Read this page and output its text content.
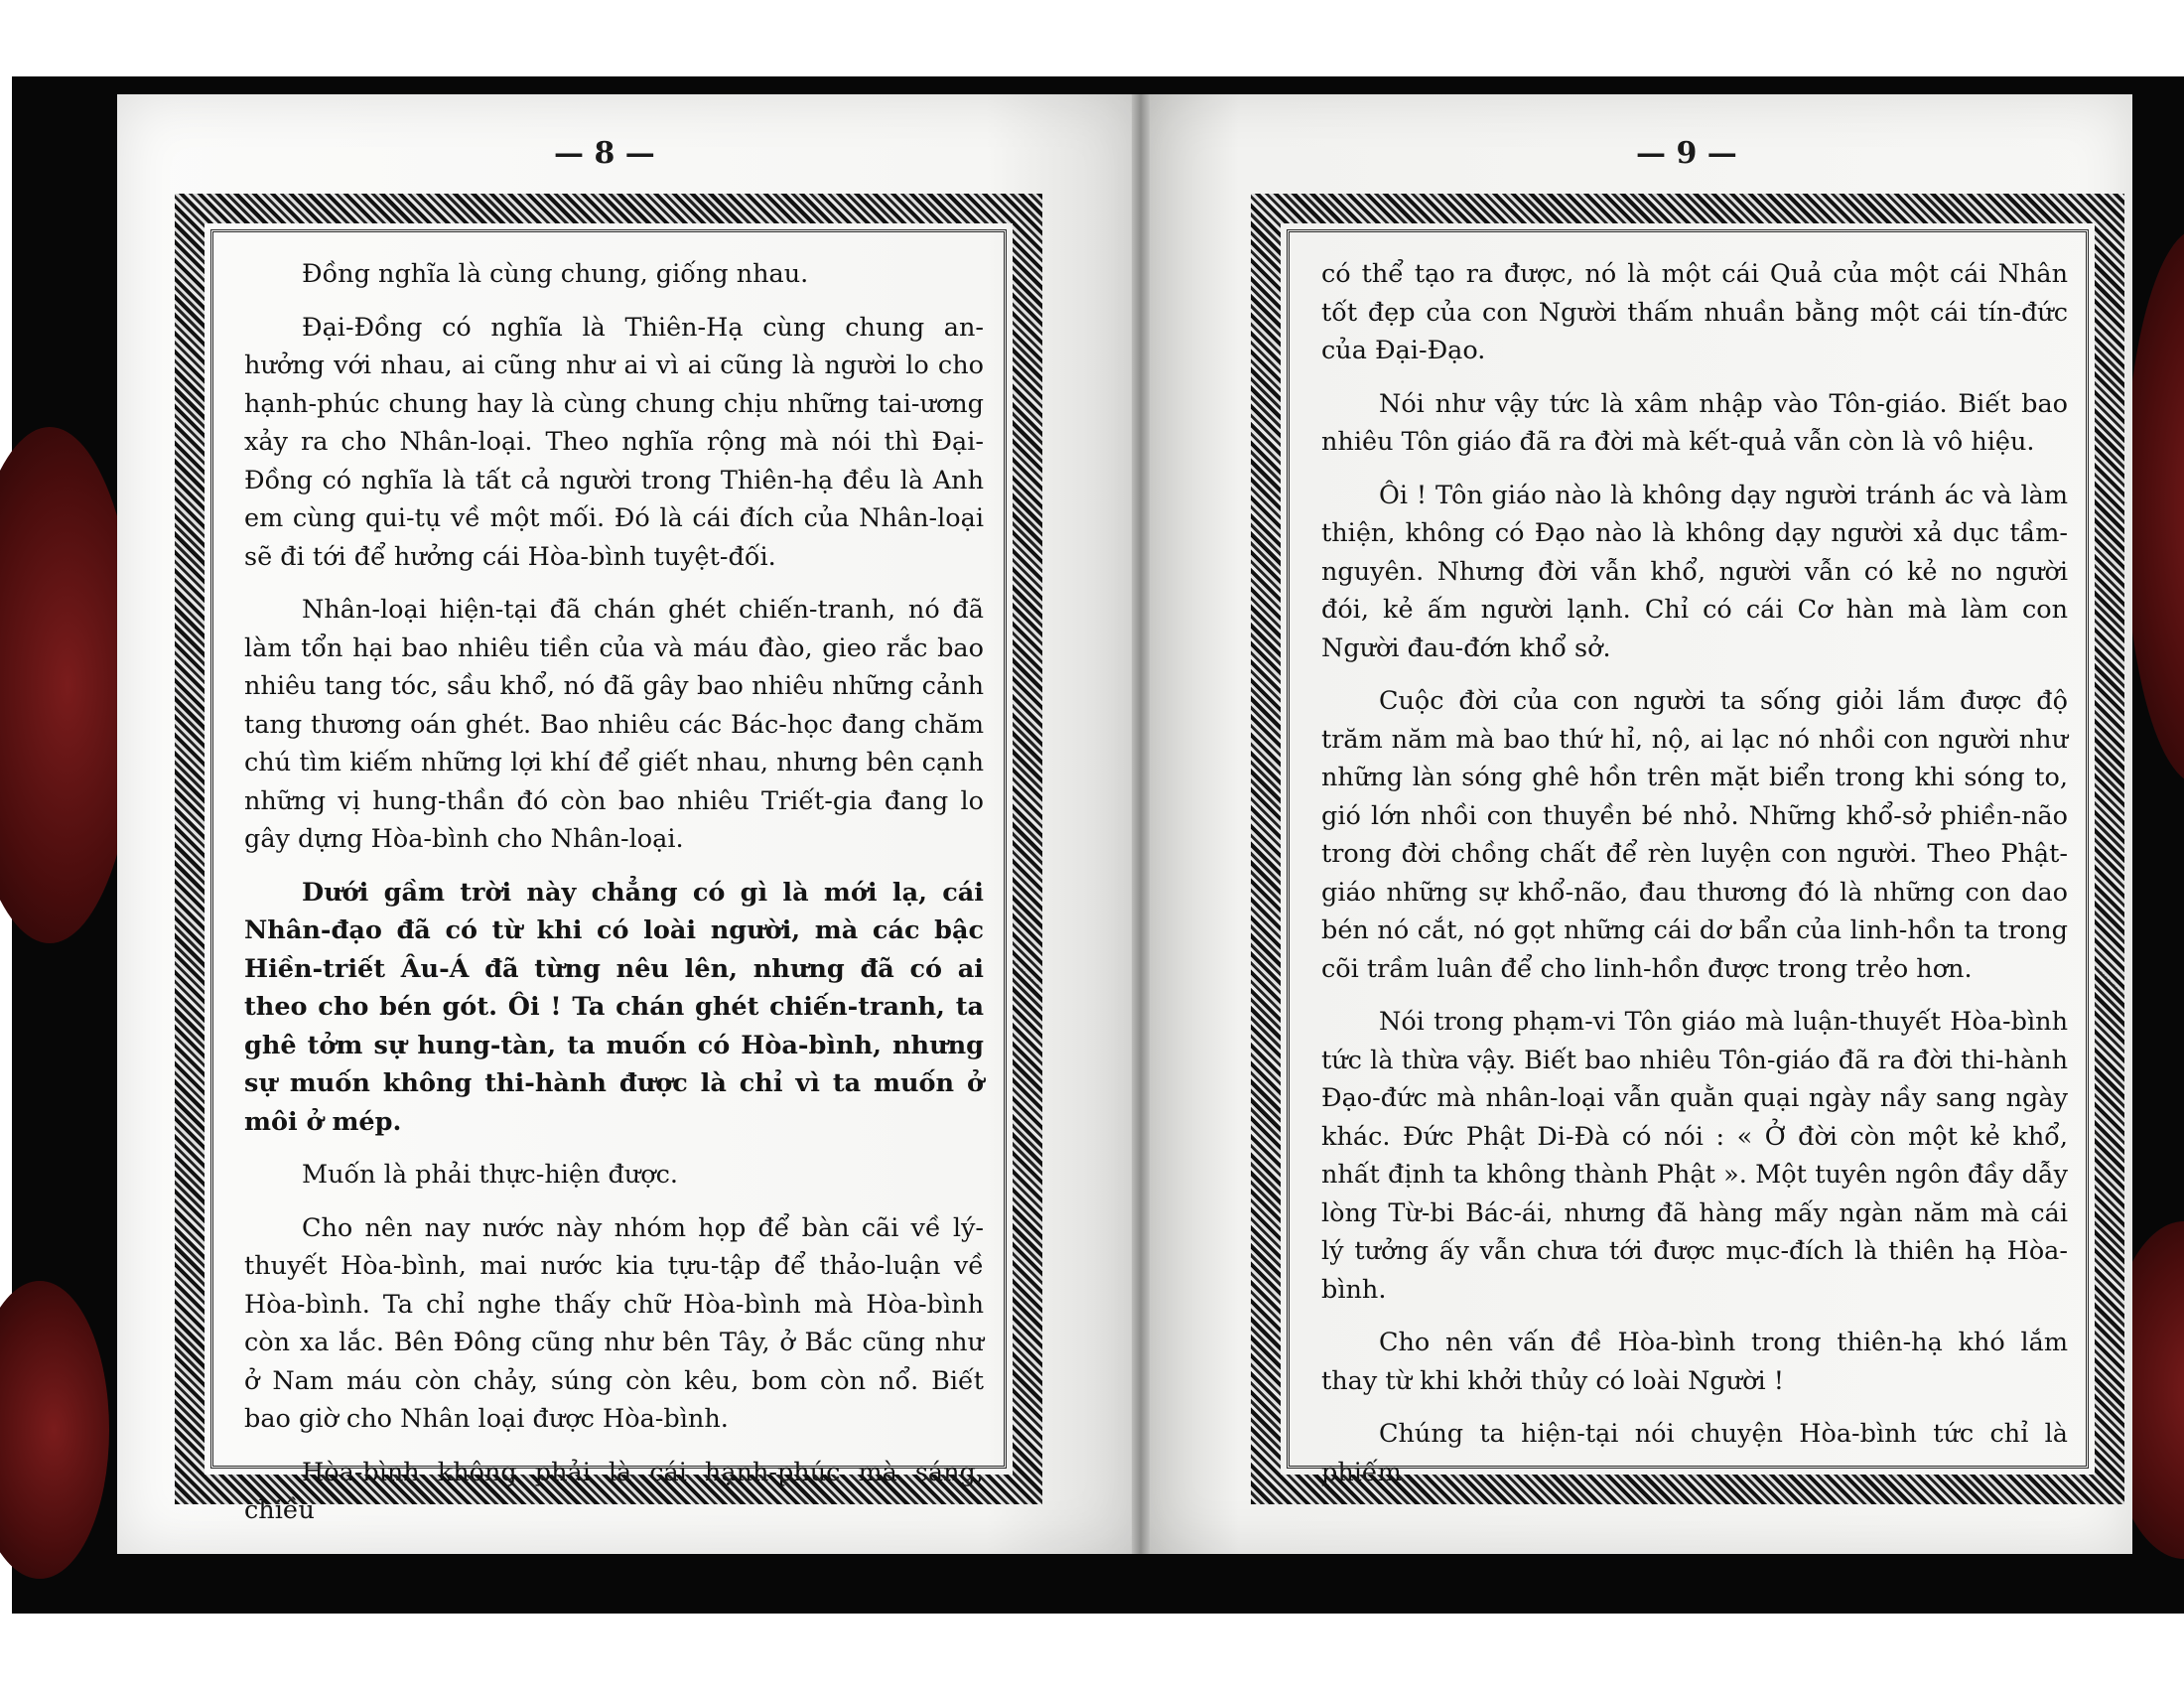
— 8 —

Đồng nghĩa là cùng chung, giống nhau.

Đại-Đồng có nghĩa là Thiên-Hạ cùng chung an-hưởng với nhau, ai cũng như ai vì ai cũng là người lo cho hạnh-phúc chung hay là cùng chung chịu những tai-ương xảy ra cho Nhân-loại. Theo nghĩa rộng mà nói thì Đại-Đồng có nghĩa là tất cả người trong Thiên-hạ đều là Anh em cùng qui-tụ về một mối. Đó là cái đích của Nhân-loại sẽ đi tới để hưởng cái Hòa-bình tuyệt-đối.

Nhân-loại hiện-tại đã chán ghét chiến-tranh, nó đã làm tổn hại bao nhiêu tiền của và máu đào, gieo rắc bao nhiêu tang tóc, sầu khổ, nó đã gây bao nhiêu những cảnh tang thương oán ghét. Bao nhiêu các Bác-học đang chăm chú tìm kiếm những lợi khí để giết nhau, nhưng bên cạnh những vị hung-thần đó còn bao nhiêu Triết-gia đang lo gây dựng Hòa-bình cho Nhân-loại.

Dưới gầm trời này chẳng có gì là mới lạ, cái Nhân-đạo đã có từ khi có loài người, mà các bậc Hiền-triết Âu-Á đã từng nêu lên, nhưng đã có ai theo cho bén gót. Ôi ! Ta chán ghét chiến-tranh, ta ghê tởm sự hung-tàn, ta muốn có Hòa-bình, nhưng sự muốn không thi-hành được là chỉ vì ta muốn ở môi ở mép.

Muốn là phải thực-hiện được.

Cho nên nay nước này nhóm họp để bàn cãi về lý-thuyết Hòa-bình, mai nước kia tựu-tập để thảo-luận về Hòa-bình. Ta chỉ nghe thấy chữ Hòa-bình mà Hòa-bình còn xa lắc. Bên Đông cũng như bên Tây, ở Bắc cũng như ở Nam máu còn chảy, súng còn kêu, bom còn nổ. Biết bao giờ cho Nhân loại được Hòa-bình.

Hòa-bình không phải là cái hạnh-phúc mà sáng, chiều

— 9 —

có thể tạo ra được, nó là một cái Quả của một cái Nhân tốt đẹp của con Người thấm nhuần bằng một cái tín-đức của Đại-Đạo.

Nói như vậy tức là xâm nhập vào Tôn-giáo. Biết bao nhiêu Tôn giáo đã ra đời mà kết-quả vẫn còn là vô hiệu.

Ôi ! Tôn giáo nào là không dạy người tránh ác và làm thiện, không có Đạo nào là không dạy người xả dục tầm-nguyên. Nhưng đời vẫn khổ, người vẫn có kẻ no người đói, kẻ ấm người lạnh. Chỉ có cái Cơ hàn mà làm con Người đau-đớn khổ sở.

Cuộc đời của con người ta sống giỏi lắm được độ trăm năm mà bao thứ hỉ, nộ, ai lạc nó nhồi con người như những làn sóng ghê hồn trên mặt biển trong khi sóng to, gió lớn nhồi con thuyền bé nhỏ. Những khổ-sở phiền-não trong đời chồng chất để rèn luyện con người. Theo Phật-giáo những sự khổ-não, đau thương đó là những con dao bén nó cắt, nó gọt những cái dơ bẩn của linh-hồn ta trong cõi trầm luân để cho linh-hồn được trong trẻo hơn.

Nói trong phạm-vi Tôn giáo mà luận-thuyết Hòa-bình tức là thừa vậy. Biết bao nhiêu Tôn-giáo đã ra đời thi-hành Đạo-đức mà nhân-loại vẫn quằn quại ngày nầy sang ngày khác. Đức Phật Di-Đà có nói : « Ở đời còn một kẻ khổ, nhất định ta không thành Phật ». Một tuyên ngôn đầy dẫy lòng Từ-bi Bác-ái, nhưng đã hàng mấy ngàn năm mà cái lý tưởng ấy vẫn chưa tới được mục-đích là thiên hạ Hòa-bình.

Cho nên vấn đề Hòa-bình trong thiên-hạ khó lắm thay từ khi khởi thủy có loài Người !

Chúng ta hiện-tại nói chuyện Hòa-bình tức chỉ là phiếm
